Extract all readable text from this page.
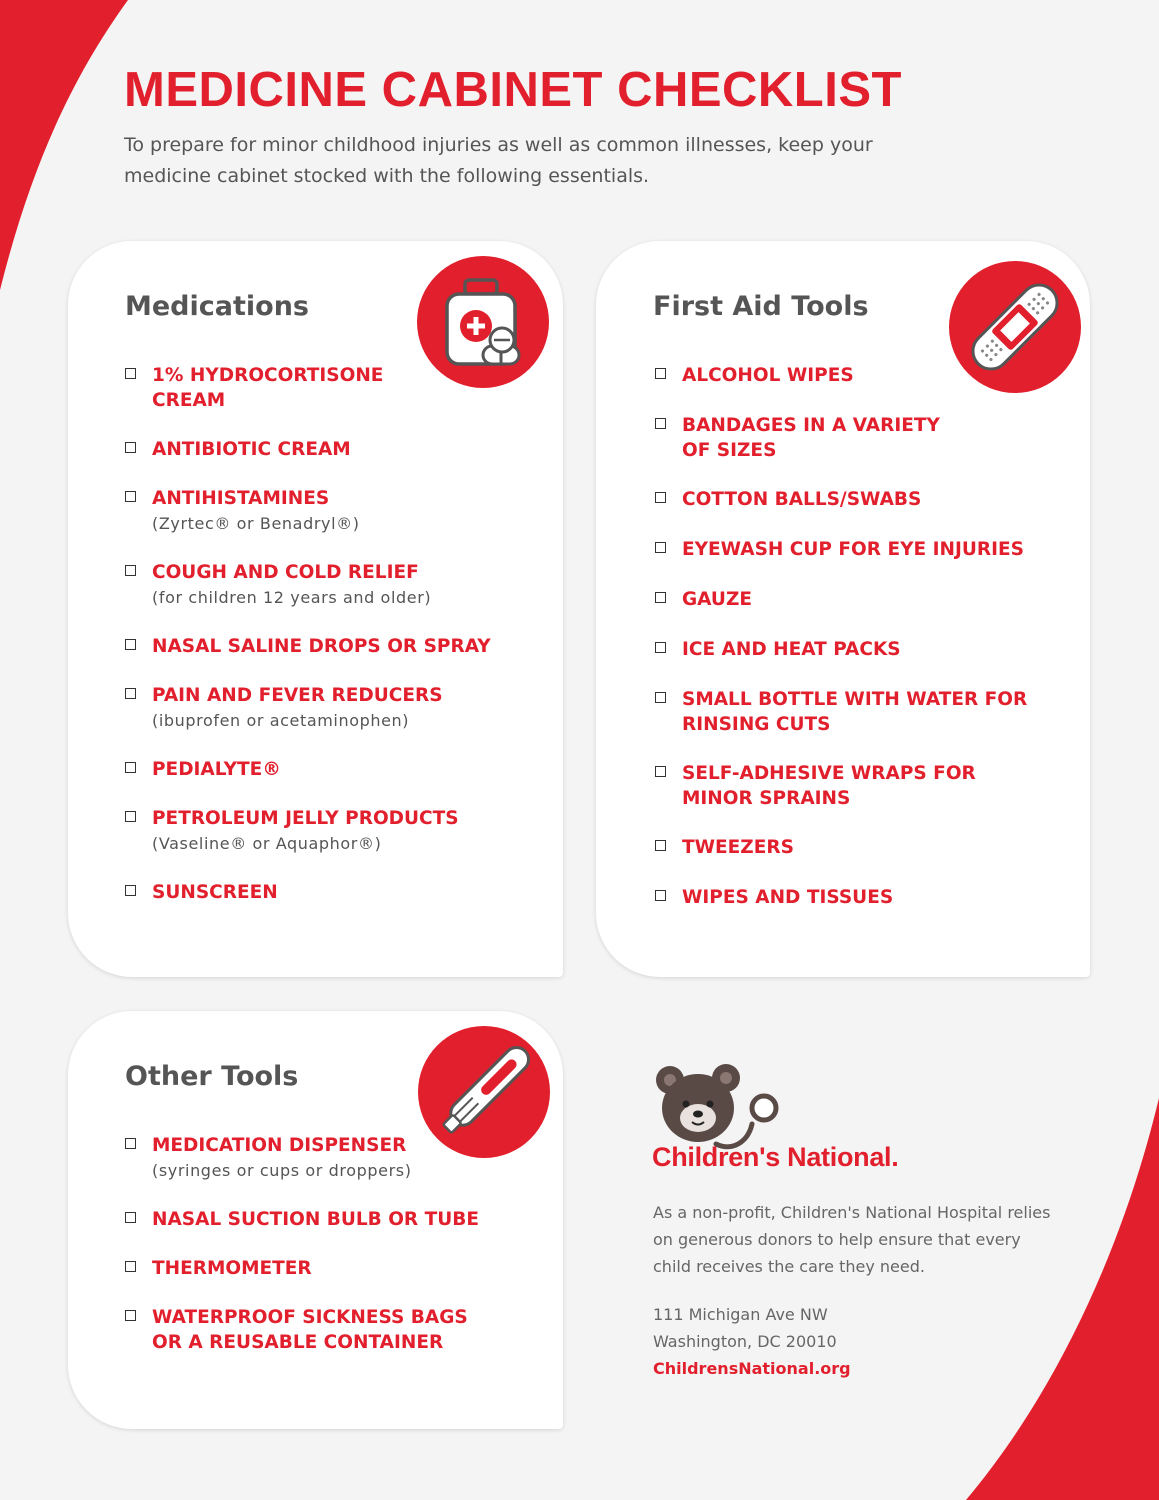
MEDICINE CABINET CHECKLIST

To prepare for minor childhood injuries as well as common illnesses, keep your medicine cabinet stocked with the following essentials.

Medications
1% HYDROCORTISONE CREAM
ANTIBIOTIC CREAM
ANTIHISTAMINES
(Zyrtec® or Benadryl®)
COUGH AND COLD RELIEF
(for children 12 years and older)
NASAL SALINE DROPS OR SPRAY
PAIN AND FEVER REDUCERS
(ibuprofen or acetaminophen)
PEDIALYTE®
PETROLEUM JELLY PRODUCTS
(Vaseline® or Aquaphor®)
SUNSCREEN
First Aid Tools
ALCOHOL WIPES
BANDAGES IN A VARIETY OF SIZES
COTTON BALLS/SWABS
EYEWASH CUP FOR EYE INJURIES
GAUZE
ICE AND HEAT PACKS
SMALL BOTTLE WITH WATER FOR RINSING CUTS
SELF-ADHESIVE WRAPS FOR MINOR SPRAINS
TWEEZERS
WIPES AND TISSUES
Other Tools
MEDICATION DISPENSER
(syringes or cups or droppers)
NASAL SUCTION BULB OR TUBE
THERMOMETER
WATERPROOF SICKNESS BAGS OR A REUSABLE CONTAINER
Children's National.

As a non-profit, Children's National Hospital relies on generous donors to help ensure that every child receives the care they need.

111 Michigan Ave NW
Washington, DC 20010
ChildrensNational.org
